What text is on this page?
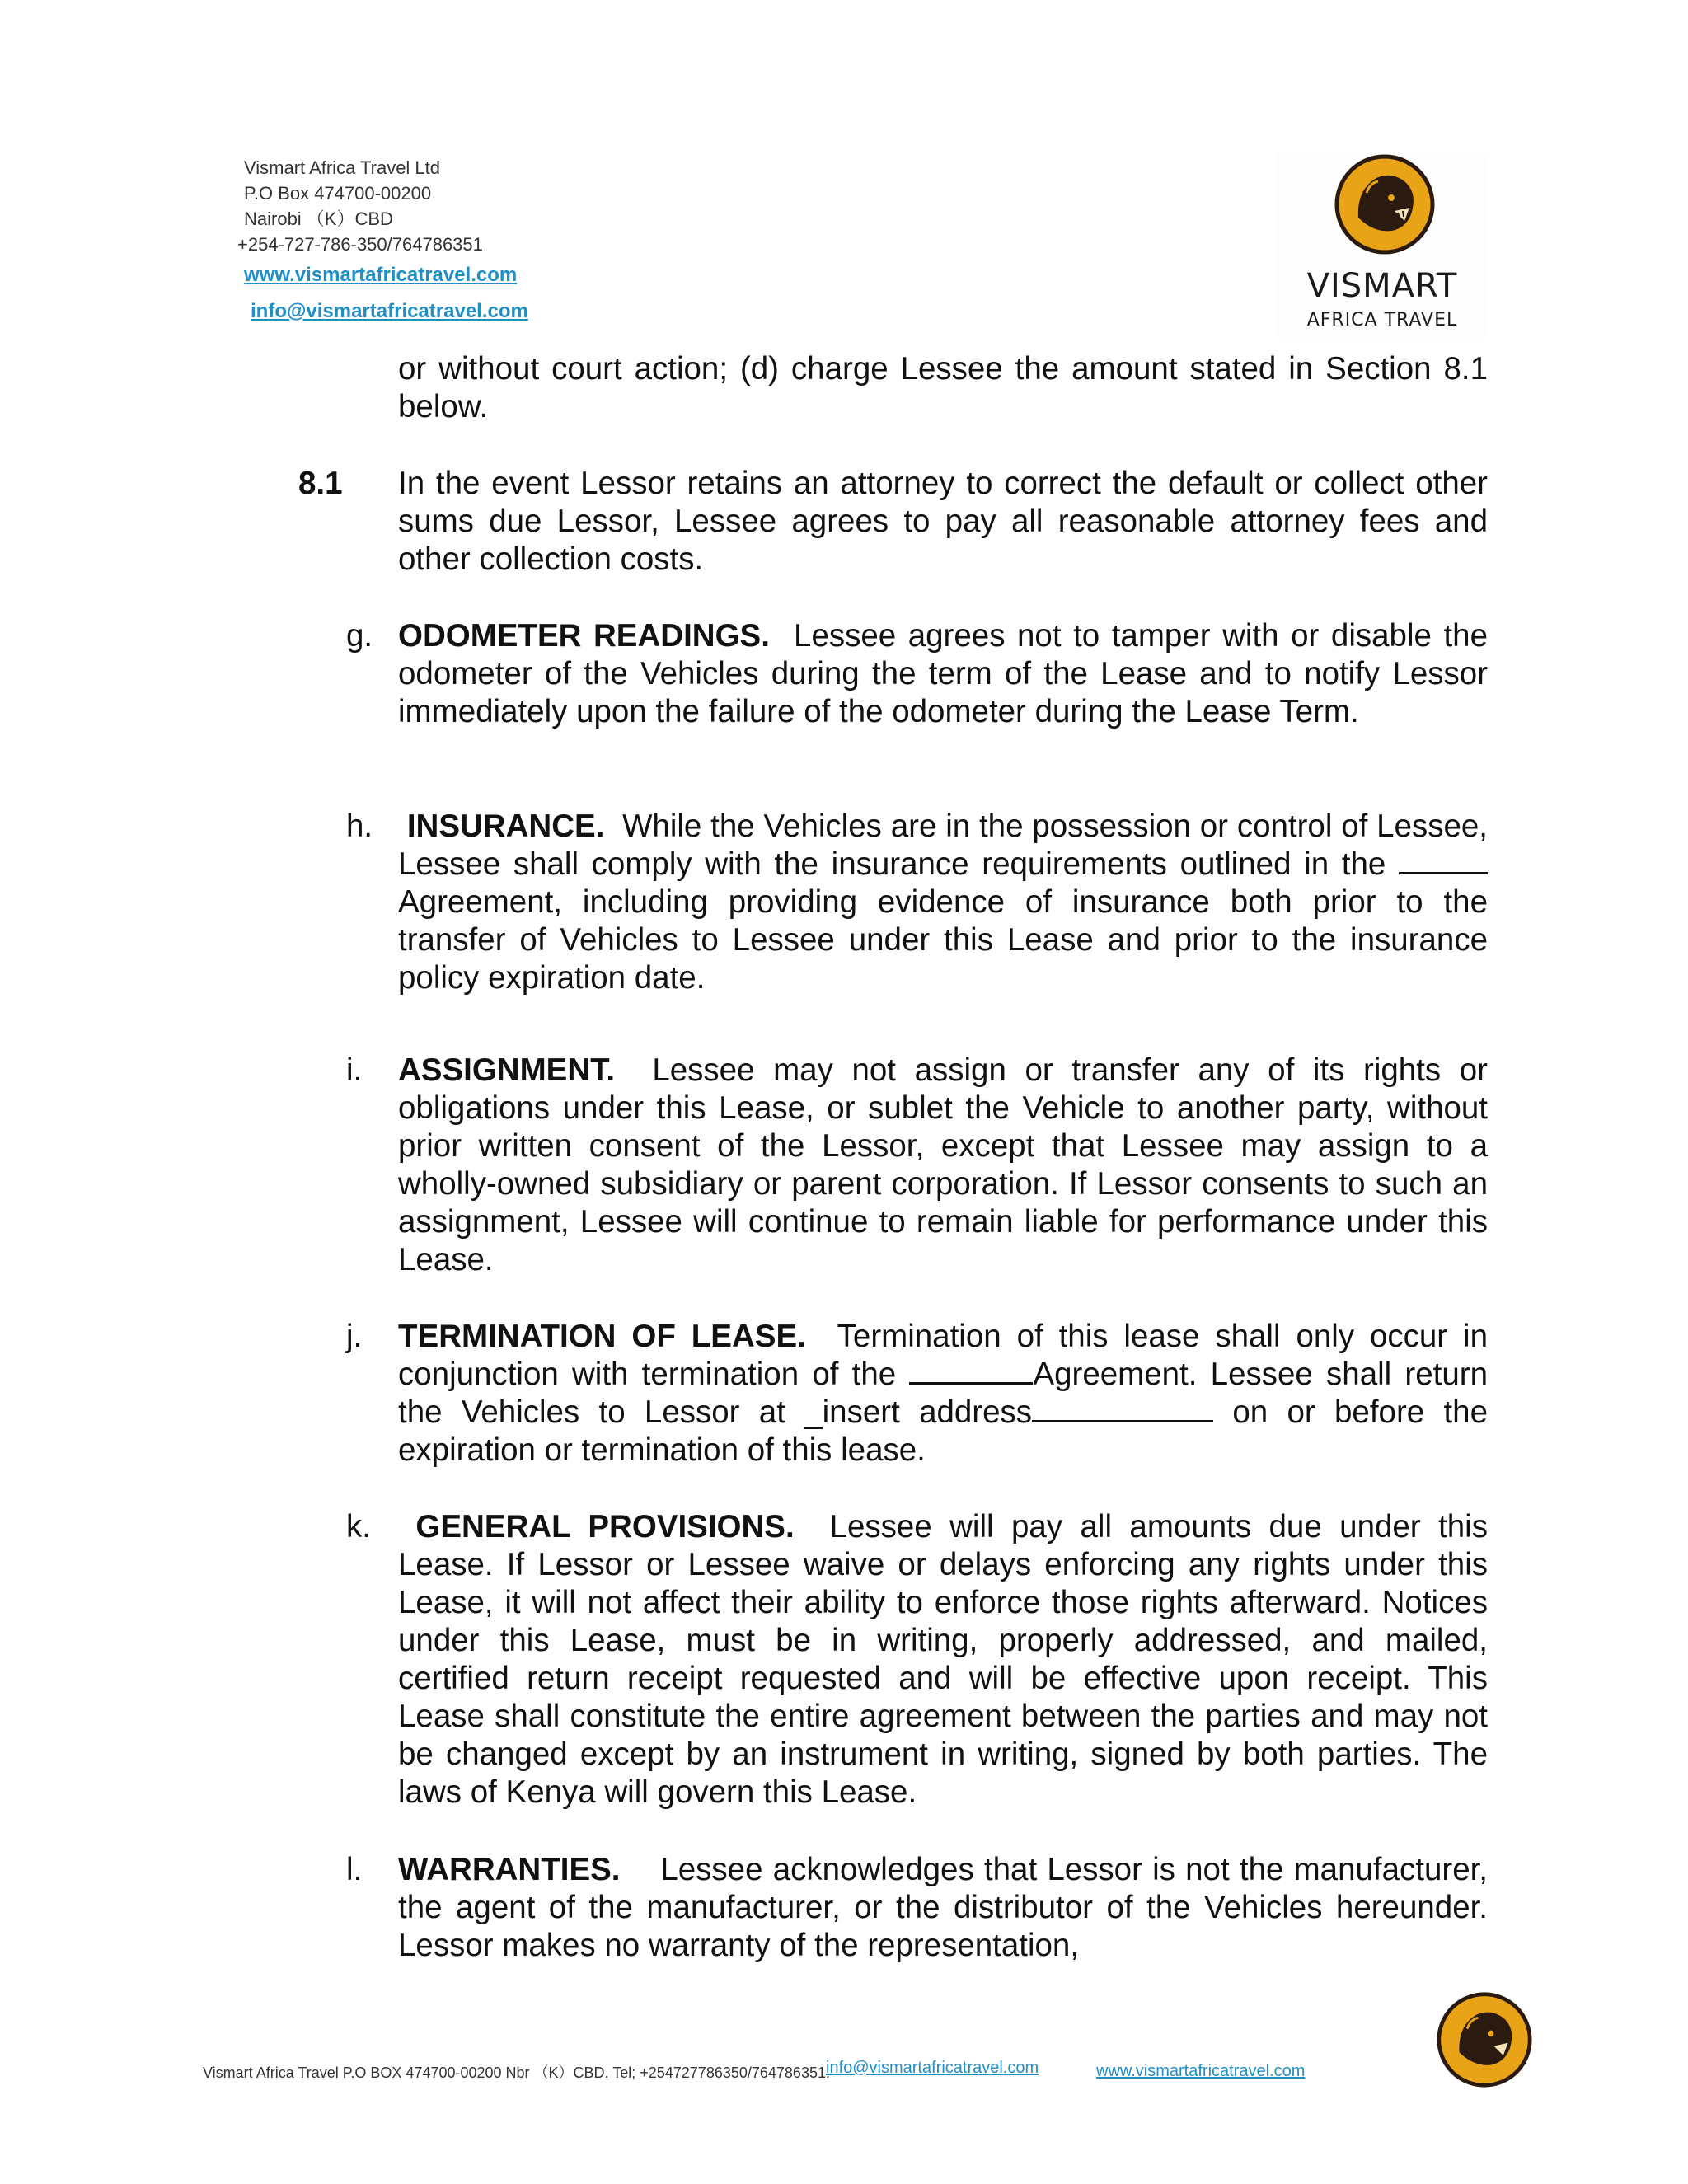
Vismart Africa Travel Ltd
P.O Box 474700-00200
Nairobi （K）CBD
+254-727-786-350/764786351
www.vismartafricatravel.com
info@vismartafricatravel.com
VISMART
AFRICA TRAVEL

or without court action; (d) charge Lessee the amount stated in Section 8.1 below.

8.1 In the event Lessor retains an attorney to correct the default or collect other sums due Lessor, Lessee agrees to pay all reasonable attorney fees and other collection costs.

g. ODOMETER READINGS. Lessee agrees not to tamper with or disable the odometer of the Vehicles during the term of the Lease and to notify Lessor immediately upon the failure of the odometer during the Lease Term.

h. INSURANCE. While the Vehicles are in the possession or control of Lessee, Lessee shall comply with the insurance requirements outlined in the Agreement, including providing evidence of insurance both prior to the transfer of Vehicles to Lessee under this Lease and prior to the insurance policy expiration date.

i. ASSIGNMENT. Lessee may not assign or transfer any of its rights or obligations under this Lease, or sublet the Vehicle to another party, without prior written consent of the Lessor, except that Lessee may assign to a wholly-owned subsidiary or parent corporation. If Lessor consents to such an assignment, Lessee will continue to remain liable for performance under this Lease.

j. TERMINATION OF LEASE. Termination of this lease shall only occur in conjunction with termination of the	Agreement. Lessee shall return the Vehicles to Lessor at _insert address	on or before the expiration or termination of this lease.

k.	GENERAL PROVISIONS. Lessee will pay all amounts due under this Lease. If Lessor or Lessee waive or delays enforcing any rights under this Lease, it will not affect their ability to enforce those rights afterward. Notices under this Lease, must be in writing, properly addressed, and mailed, certified return receipt requested and will be effective upon receipt. This Lease shall constitute the entire agreement between the parties and may not be changed except by an instrument in writing, signed by both parties. The laws of Kenya will govern this Lease.

l. WARRANTIES. Lessee acknowledges that Lessor is not the manufacturer, the agent of the manufacturer, or the distributor of the Vehicles hereunder. Lessor makes no warranty of the representation,

Vismart Africa Travel P.O BOX 474700-00200 Nbr （K）CBD. Tel; +254727786350/764786351.
info@vismartafricatravel.com	www.vismartafricatravel.com
